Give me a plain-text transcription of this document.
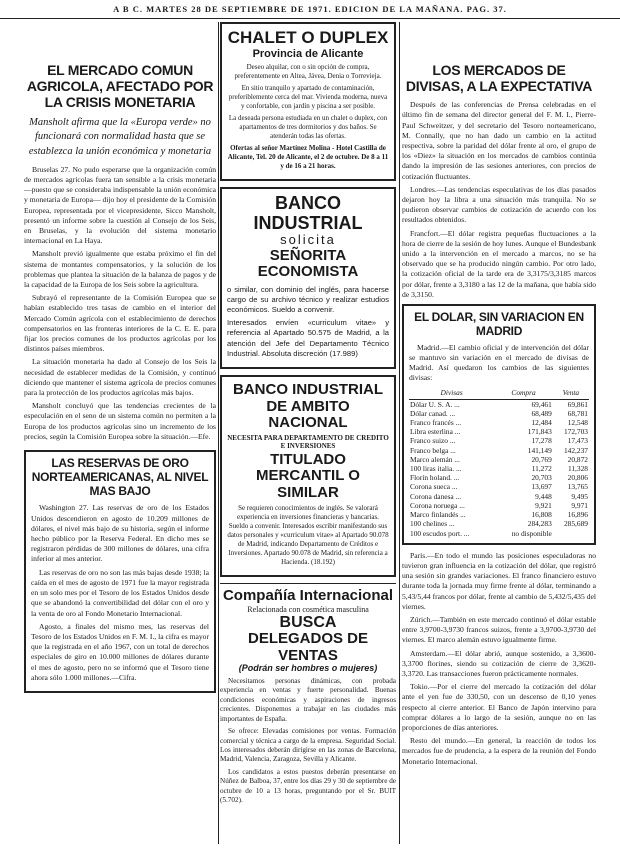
A B C. MARTES 28 DE SEPTIEMBRE DE 1971. EDICION DE LA MAÑANA. PAG. 37.
EL MERCADO COMUN AGRICOLA, AFECTADO POR LA CRISIS MONETARIA
Mansholt afirma que la «Europa verde» no funcionará con normalidad hasta que se establezca la unión económica y monetaria

Bruselas 27. No pudo esperarse que la organización común de mercados agrícolas fuera tan sensible a la crisis monetaria —puesto que se consideraba indispensable la unión económica y monetaria de Europa— dijo hoy el presidente de la Comisión Europea, representada por el vicepresidente, Sicco Mansholt, presentó un informe sobre la cuestión al Consejo de los Seis, en Bruselas, y la evolución del sistema monetario internacional en La Haya.

Mansholt previó igualmente que estaba próximo el fin del sistema de montantes compensatorios, y la solución de los problemas que plantea la situación de la balanza de pagos y de la capacidad de la Europa de los Seis sobre la agricultura.

Subrayó el representante de la Comisión Europea que se habían establecido tres tasas de cambio en el interior del Mercado Común agrícola con el establecimiento de derechos compensatorios en las fronteras interiores de la C. E. E. para fijar los precios comunes de los productos agrícolas por los distintos países miembros.

La situación monetaria ha dado al Consejo de los Seis la necesidad de establecer medidas de la Comisión, y continuó diciendo que mantener el sistema agrícola de precios comunes para la protección de los productos agrícolas más bajos.

Mansholt concluyó que las tendencias crecientes de la especulación en el seno de un sistema común no permiten a la Europa de los productos agrícolas sino un incremento de los precios, según la Comisión Europea sobre la situación.—Efe.

LAS RESERVAS DE ORO NORTEAMERICANAS, AL NIVEL MAS BAJO

Washington 27. Las reservas de oro de los Estados Unidos descendieron en agosto de 10.209 millones de dólares, el nivel más bajo de su historia, según el informe hecho público por la Reserva Federal. En dicho mes se registraron pérdidas de 300 millones de dólares, una cifra inferior al mes anterior.

Las reservas de oro no son las más bajas desde 1938; la caída en el mes de agosto de 1971 fue la mayor registrada en un solo mes por el Tesoro de los Estados Unidos desde que se abandonó la convertibilidad del dólar con el oro y la venta de oro al Fondo Monetario Internacional.

Agosto, a finales del mismo mes, las reservas del Tesoro de los Estados Unidos en F. M. I., la cifra es mayor que la registrada en el año 1967, con un total de derechos especiales de giro en 10.000 millones de dólares durante el mes de agosto, pero no se informó que el Tesoro tiene ahora sólo 1.000 millones.—Cifra.

CHALET O DUPLEX
Provincia de Alicante

Deseo alquilar, con o sin opción de compra, preferentemente en Altea, Jávea, Denia o Torrevieja.

En sitio tranquilo y apartado de contaminación, preferiblemente cerca del mar. Vivienda moderna, nueva y confortable, con jardín y piscina a ser posible.

La deseada persona estudiada en un chalet o duplex, con apartamentos de tres dormitorios y dos baños. Se atenderán todas las ofertas.

Ofertas al señor Martínez Molina - Hotel Castilla de Alicante, Tel. 20 de Alicante, el 2 de octubre. De 8 a 11 y de 16 a 21 horas.

BANCO INDUSTRIAL
solicita
SEÑORITA ECONOMISTA

o similar, con dominio del inglés, para hacerse cargo de su archivo técnico y realizar estudios económicos. Sueldo a convenir.

Interesados envíen «curriculum vitae» y referencia al Apartado 50.575 de Madrid, a la atención del Jefe del Departamento Técnico Industrial. Absoluta discreción (17.989)

BANCO INDUSTRIAL DE AMBITO NACIONAL
NECESITA PARA DEPARTAMENTO DE CREDITO E INVERSIONES
TITULADO MERCANTIL O SIMILAR

Se requieren conocimientos de inglés. Se valorará experiencia en inversiones financieras y bancarias. Sueldo a convenir. Interesados escribir manifestando sus datos personales y «curriculum vitae» al Apartado 90.078 de Madrid, indicando Departamento de Créditos e Inversiones. Apartado 90.078 de Madrid, sin referencia a Hacienda. (18.192)

Compañía Internacional
Relacionada con cosmética masculina
BUSCA
DELEGADOS DE VENTAS
(Podrán ser hombres o mujeres)

Necesitamos personas dinámicas, con probada experiencia en ventas y fuerte personalidad. Buenas condiciones económicas y aspiraciones de ingresos crecientes. Disponemos a trabajar en las ciudades más importantes de España.

Se ofrece: Elevadas comisiones por ventas. Formación comercial y técnica a cargo de la empresa. Seguridad Social. Los interesados deberán dirigirse en las zonas de Barcelona, Madrid, Valencia, Zaragoza, Sevilla y Alicante.

Los candidatos a estos puestos deberán presentarse en Núñez de Balboa, 37, entre los días 29 y 30 de septiembre de octubre de 10 a 13 horas, preguntando por el Sr. BUIT (5.702).

LOS MERCADOS DE DIVISAS, A LA EXPECTATIVA

Después de las conferencias de Prensa celebradas en el último fin de semana del director general del F. M. I., Pierre-Paul Schweitzer, y del secretario del Tesoro norteamericano, M. Connally, que no han dado un cambio en la actitud respectiva, sobre la paridad del dólar frente al oro, el grupo de los «Diez» la situación en los mercados de cambios continúa dando la impresión de las sesiones anteriores, con precios de cotización fluctuantes.

Londres.—Las tendencias especulativas de los días pasados dejaron hoy la libra a una situación más tranquila. No se pudieron observar cambios de cotización de acuerdo con los resultados obtenidos.

Francfort.—El dólar registra pequeñas fluctuaciones a la hora de cierre de la sesión de hoy lunes. Aunque el Bundesbank unido a la intervención en el mercado a marcos, no se ha observado que se ha producido ningún cambio. Por otro lado, la cotización oficial de la tarde era de 3,3175/3,3185 marcos por dólar, frente a 3,3180 a las 12 de la mañana, que había sido de 3,3150.

EL DOLAR, SIN VARIACION EN MADRID

Madrid.—El cambio oficial y de intervención del dólar se mantuvo sin variación en el mercado de divisas de Madrid. Así quedaron los cambios de las siguientes divisas:

Divisas	Compra	Venta
Dólar U. S. A. ...	69,461	69,861
Dólar canad. ...	68,489	68,781
Franco francés ...	12,484	12,548
Libra esterlina ...	171,843	172,703
Franco suizo ...	17,278	17,473
Franco belga ...	141,149	142,237
Marco alemán ...	20,769	20,872
100 liras italia. ...	11,272	11,328
Florín holand. ...	20,703	20,806
Corona sueca ...	13,697	13,765
Corona danesa ...	9,448	9,495
Corona noruega ...	9,921	9,971
Marco finlandés ...	16,808	16,896
100 chelines ...	284,283	285,689
100 escudos port. ...	no disponible	

París.—En todo el mundo las posiciones especuladoras no tuvieron gran influencia en la cotización del dólar, que registró una sesión sin grandes variaciones. El franco financiero estuvo durante toda la jornada muy firme frente al dólar, terminando a 5,43/5,44 francos por dólar, frente al cambio de 5,432/5,435 del viernes.

Zúrich.—También en este mercado continuó el dólar estable entre 3,9700-3,9730 francos suizos, frente a 3,9700-3,9730 del viernes. El marco alemán estuvo igualmente firme.

Amsterdam.—El dólar abrió, aunque sostenido, a 3,3600-3,3700 florines, siendo su cotización de cierre de 3,3620-3,3720. Las transacciones fueron prácticamente normales.

Tokio.—Por el cierre del mercado la cotización del dólar ante el yen fue de 330,50, con un descenso de 0,10 yenes respecto al cierre anterior. El Banco de Japón intervino para comprar dólares a lo largo de la sesión, aunque no en las proporciones de días anteriores.

Resto del mundo.—En general, la reacción de todos los mercados fue de prudencia, a la espera de la reunión del Fondo Monetario Internacional.
